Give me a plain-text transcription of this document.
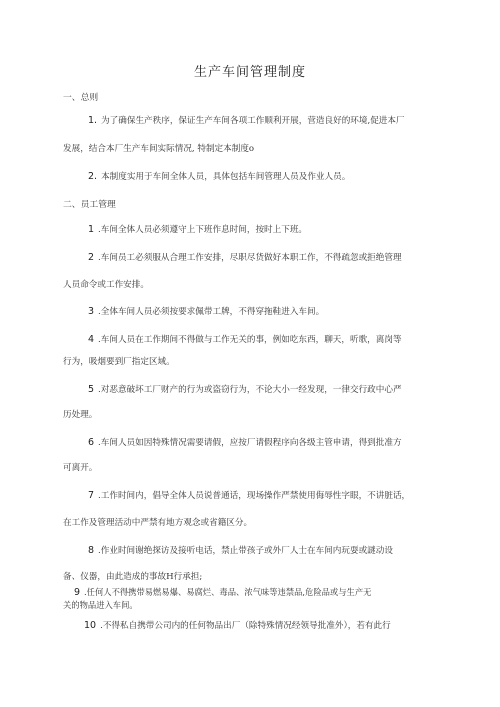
生产车间管理制度
一、总则
1. 为了确保生产秩序，保证生产车间各项工作顺利开展，营造良好的环境,促进本厂
发展，结合本厂生产车间实际情况, 特制定本制度o
2. 本制度实用于车间全体人员，具体包括车间管理人员及作业人员。
二、员工管理
1 .车间全体人员必须遵守上下班作息时间，按时上下班。
2 .车间员工必须服从合理工作安排，尽职尽货做好本职工作，不得疏忽或拒绝管理
人员命令或工作安排。
3 .全体车间人员必须按要求佩带工牌，不得穿拖鞋进入车间。
4 .车间人员在工作期间不得做与工作无关的事，例如吃东西，聊天，听歌，离岗等
行为，吸烟要到厂指定区域。
5 .对恶意破坏工厂财产的行为或盗窃行为，不论大小一经发现，一律交行政中心严
历处理。
6 .车间人员如因特殊情况需要请假，应按厂请假程序向各级主管申请，得到批准方
可离开。
7 .工作时间内，倡导全体人员说普通话，现场操作严禁使用侮辱性字眼，不讲脏话，
在工作及管理活动中严禁有地方观念或省籍区分。
8 .作业时间谢绝探访及接听电话，禁止带孩子或外厂人士在车间内玩耍或謎动设
备、仪器，由此造成的事故H行承担;
9 .任何人不得携带易燃易爆、易腐烂、毒品、浓气味等违禁品,危险品或与生产无
关的物品进入车间。
10 .不得私自携带公司内的任何物品出厂（除特殊情况经领导批准外），若有此行
